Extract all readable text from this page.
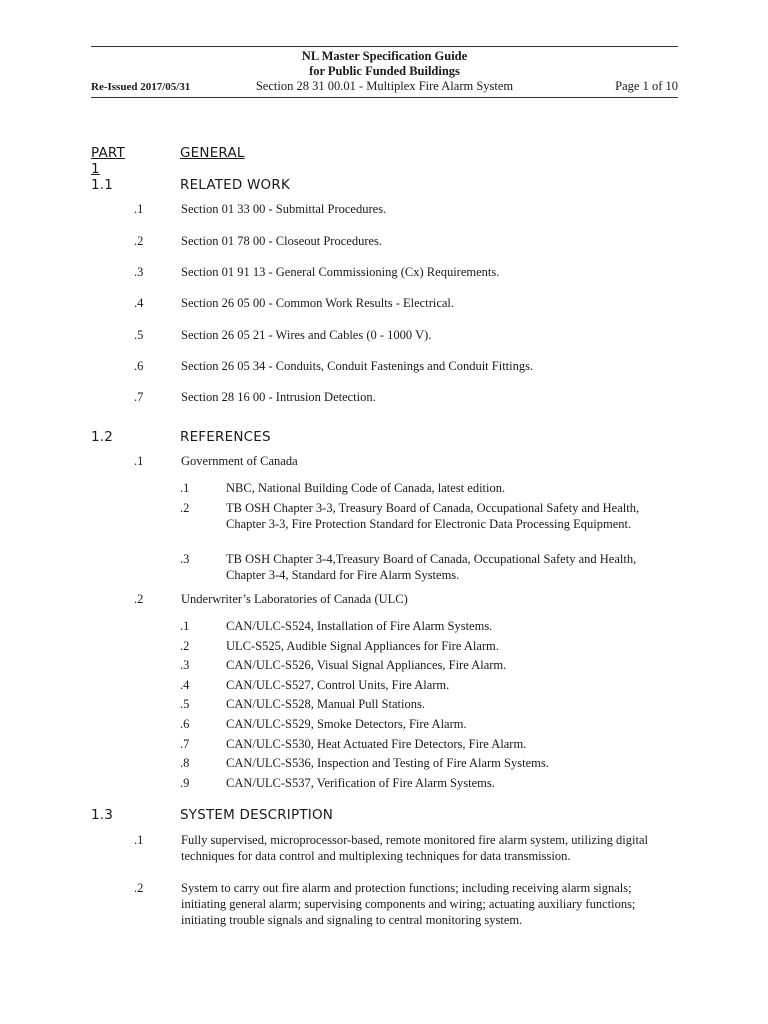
NL Master Specification Guide
for Public Funded Buildings
Re-Issued 2017/05/31	Section 28 31 00.01 - Multiplex Fire Alarm System	Page 1 of 10
PART 1
GENERAL
1.1	RELATED WORK
.1	Section 01 33 00 - Submittal Procedures.
.2	Section 01 78 00 - Closeout Procedures.
.3	Section 01 91 13 - General Commissioning (Cx) Requirements.
.4	Section 26 05 00 - Common Work Results - Electrical.
.5	Section 26 05 21 - Wires and Cables (0 - 1000 V).
.6	Section 26 05 34 - Conduits, Conduit Fastenings and Conduit Fittings.
.7	Section 28 16 00 - Intrusion Detection.
1.2	REFERENCES
.1	Government of Canada
.1	NBC, National Building Code of Canada, latest edition.
.2	TB OSH Chapter 3-3, Treasury Board of Canada, Occupational Safety and Health, Chapter 3-3, Fire Protection Standard for Electronic Data Processing Equipment.
.3	TB OSH Chapter 3-4,Treasury Board of Canada, Occupational Safety and Health, Chapter 3-4, Standard for Fire Alarm Systems.
.2	Underwriter’s Laboratories of Canada (ULC)
.1	CAN/ULC-S524, Installation of Fire Alarm Systems.
.2	ULC-S525, Audible Signal Appliances for Fire Alarm.
.3	CAN/ULC-S526, Visual Signal Appliances, Fire Alarm.
.4	CAN/ULC-S527, Control Units, Fire Alarm.
.5	CAN/ULC-S528, Manual Pull Stations.
.6	CAN/ULC-S529, Smoke Detectors, Fire Alarm.
.7	CAN/ULC-S530, Heat Actuated Fire Detectors, Fire Alarm.
.8	CAN/ULC-S536, Inspection and Testing of Fire Alarm Systems.
.9	CAN/ULC-S537, Verification of Fire Alarm Systems.
1.3	SYSTEM DESCRIPTION
.1	Fully supervised, microprocessor-based, remote monitored fire alarm system, utilizing digital techniques for data control and multiplexing techniques for data transmission.
.2	System to carry out fire alarm and protection functions; including receiving alarm signals; initiating general alarm; supervising components and wiring; actuating auxiliary functions; initiating trouble signals and signaling to central monitoring system.
